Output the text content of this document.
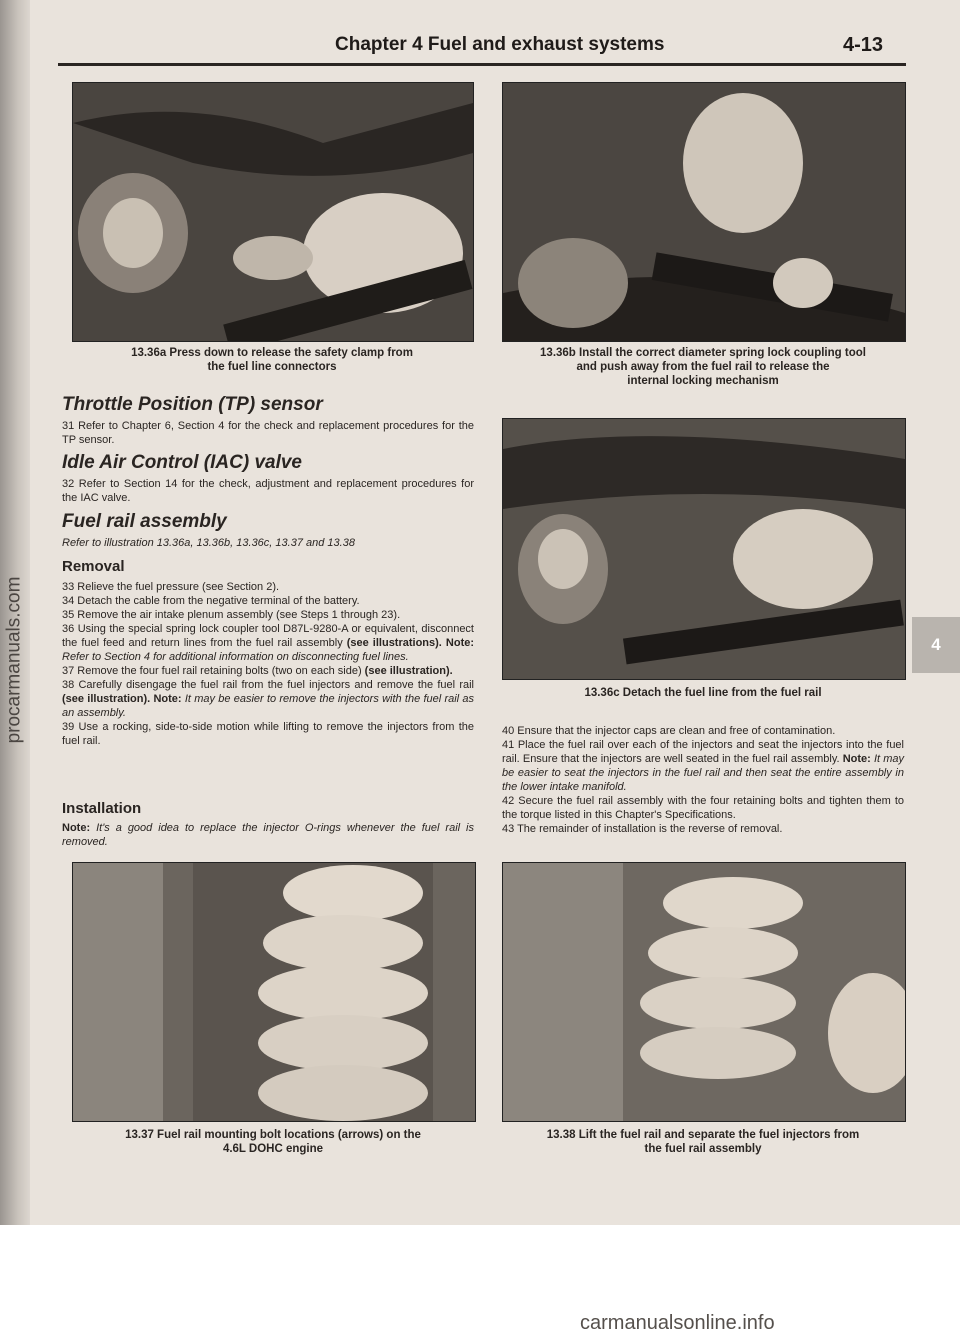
procarmanuals.com
Chapter 4 Fuel and exhaust systems	4-13
13.36a Press down to release the safety clamp from
the fuel line connectors
13.36b Install the correct diameter spring lock coupling tool
and push away from the fuel rail to release the
internal locking mechanism
13.36c Detach the fuel line from the fuel rail
Throttle Position (TP) sensor
31 Refer to Chapter 6, Section 4 for the check and replacement procedures for the TP sensor.
Idle Air Control (IAC) valve
32 Refer to Section 14 for the check, adjustment and replacement procedures for the IAC valve.
Fuel rail assembly
Refer to illustration 13.36a, 13.36b, 13.36c, 13.37 and 13.38
Removal
33 Relieve the fuel pressure (see Section 2).
34 Detach the cable from the negative terminal of the battery.
35 Remove the air intake plenum assembly (see Steps 1 through 23).
36 Using the special spring lock coupler tool D87L-9280-A or equivalent, disconnect the fuel feed and return lines from the fuel rail assembly (see illustrations). Note: Refer to Section 4 for additional information on disconnecting fuel lines.
37 Remove the four fuel rail retaining bolts (two on each side) (see illustration).
38 Carefully disengage the fuel rail from the fuel injectors and remove the fuel rail (see illustration). Note: It may be easier to remove the injectors with the fuel rail as an assembly.
39 Use a rocking, side-to-side motion while lifting to remove the injectors from the fuel rail.
Installation
Note: It's a good idea to replace the injector O-rings whenever the fuel rail is removed.
40 Ensure that the injector caps are clean and free of contamination.
41 Place the fuel rail over each of the injectors and seat the injectors into the fuel rail. Ensure that the injectors are well seated in the fuel rail assembly. Note: It may be easier to seat the injectors in the fuel rail and then seat the entire assembly in the lower intake manifold.
42 Secure the fuel rail assembly with the four retaining bolts and tighten them to the torque listed in this Chapter's Specifications.
43 The remainder of installation is the reverse of removal.
13.37 Fuel rail mounting bolt locations (arrows) on the
4.6L DOHC engine
13.38 Lift the fuel rail and separate the fuel injectors from
the fuel rail assembly
4
carmanualsonline.info
